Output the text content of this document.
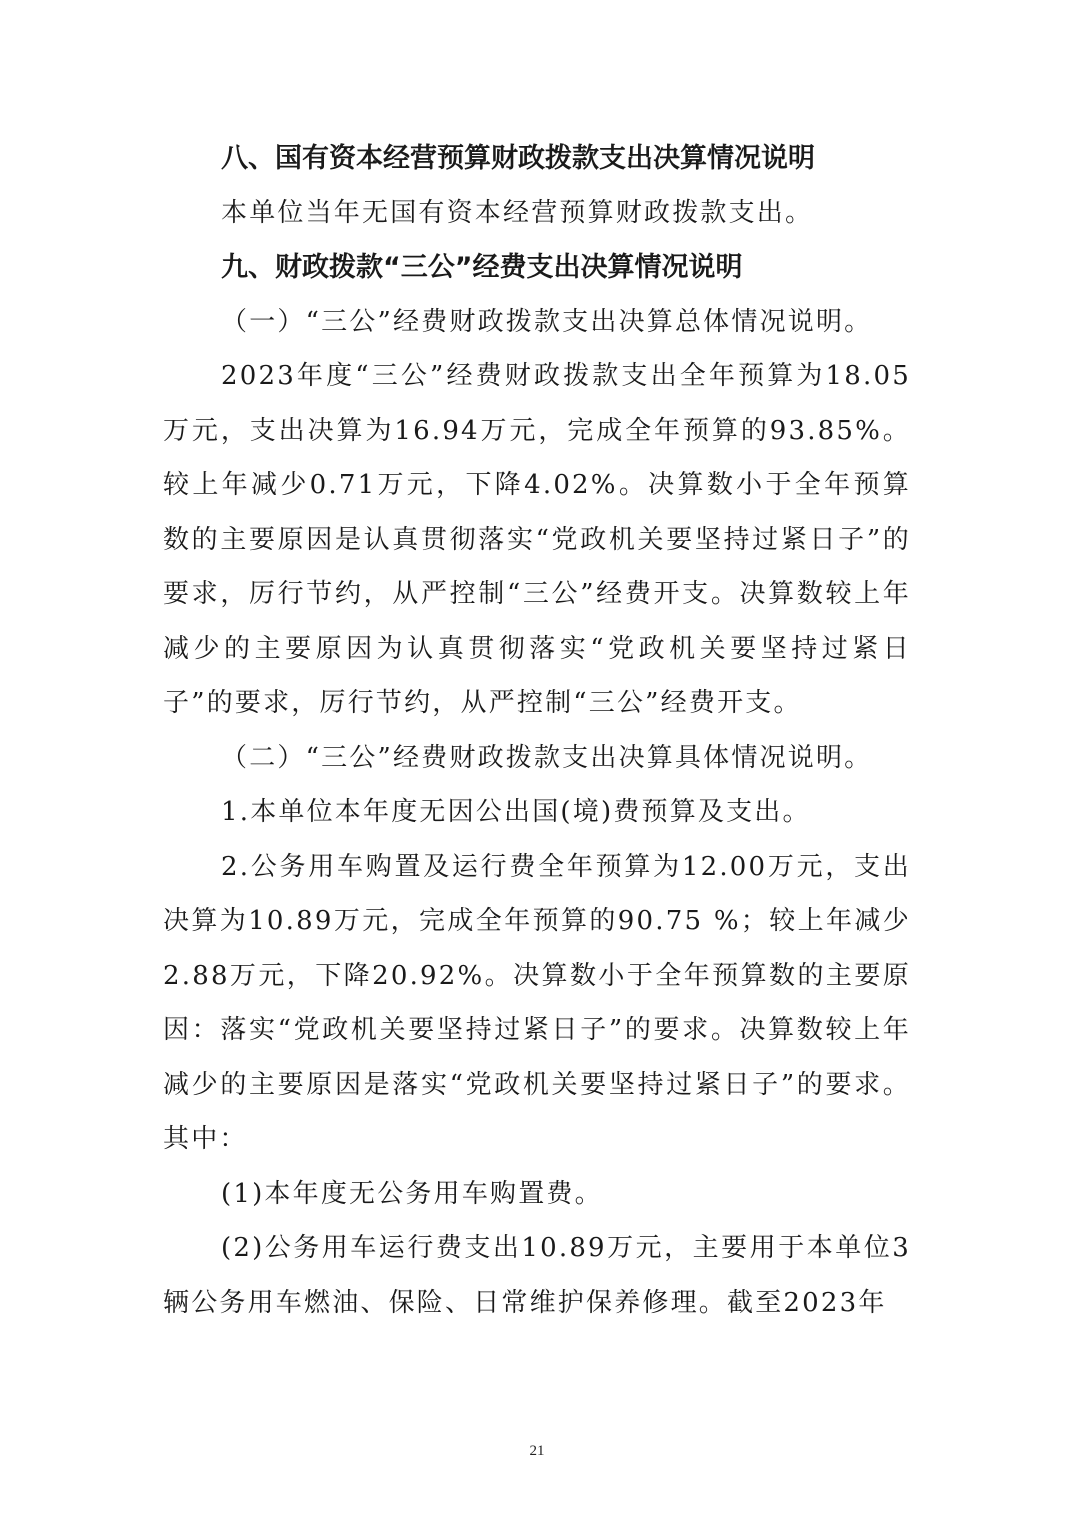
八、国有资本经营预算财政拨款支出决算情况说明

本单位当年无国有资本经营预算财政拨款支出。

九、财政拨款“三公”经费支出决算情况说明

（一）“三公”经费财政拨款支出决算总体情况说明。

2023年度“三公”经费财政拨款支出全年预算为18.05万元，支出决算为16.94万元，完成全年预算的93.85%。较上年减少0.71万元，下降4.02%。决算数小于全年预算数的主要原因是认真贯彻落实“党政机关要坚持过紧日子”的要求，厉行节约，从严控制“三公”经费开支。决算数较上年减少的主要原因为认真贯彻落实“党政机关要坚持过紧日子”的要求，厉行节约，从严控制“三公”经费开支。

（二）“三公”经费财政拨款支出决算具体情况说明。

1.本单位本年度无因公出国(境)费预算及支出。

2.公务用车购置及运行费全年预算为12.00万元，支出决算为10.89万元，完成全年预算的90.75 %；较上年减少2.88万元，下降20.92%。决算数小于全年预算数的主要原因：落实“党政机关要坚持过紧日子”的要求。决算数较上年减少的主要原因是落实“党政机关要坚持过紧日子”的要求。其中：

(1)本年度无公务用车购置费。

(2)公务用车运行费支出10.89万元，主要用于本单位3辆公务用车燃油、保险、日常维护保养修理。截至2023年

21
